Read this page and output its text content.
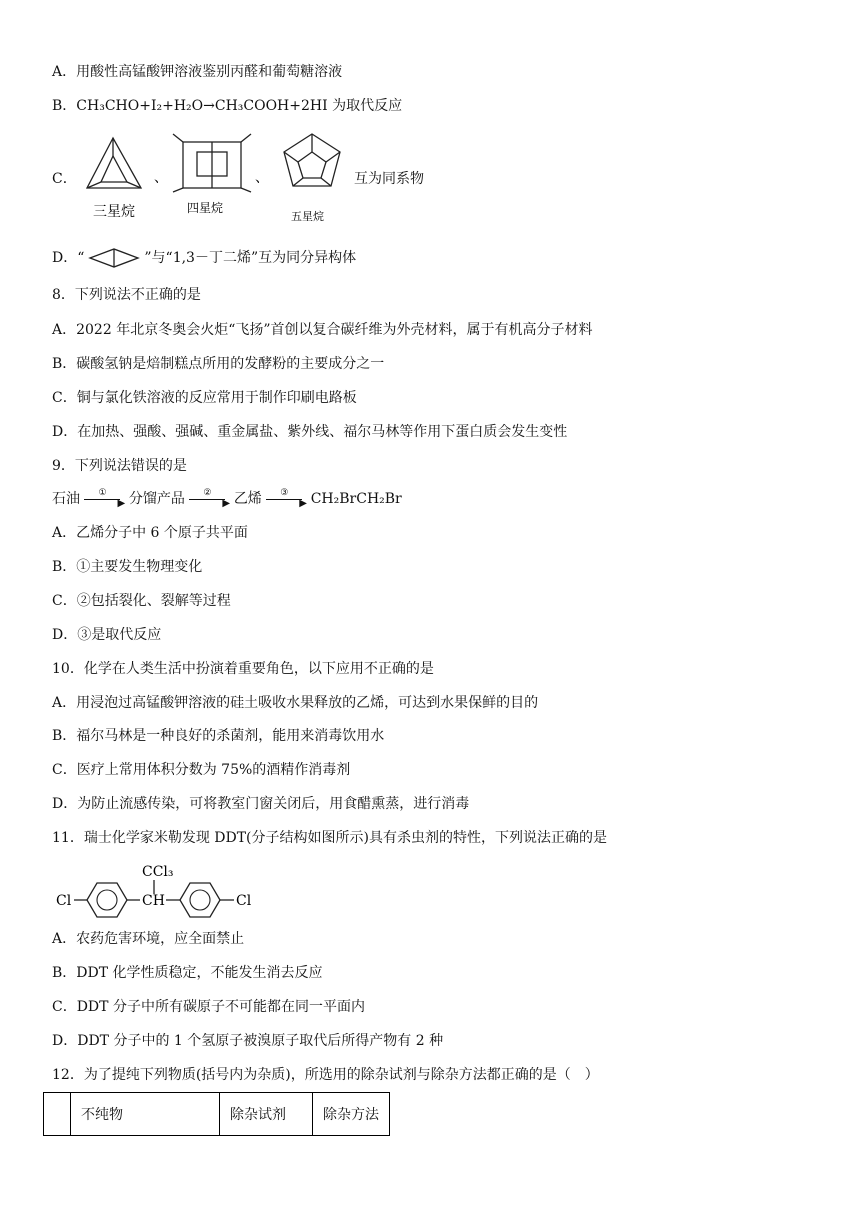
A．用酸性高锰酸钾溶液鉴别丙醛和葡萄糖溶液
B．CH₃CHO+I₂+H₂O→CH₃COOH+2HI 为取代反应
C．
三星烷
、
四星烷
、
五星烷
互为同系物
D．“	”与“1,3－丁二烯”互为同分异构体
8．下列说法不正确的是
A．2022 年北京冬奥会火炬“飞扬”首创以复合碳纤维为外壳材料，属于有机高分子材料
B．碳酸氢钠是焙制糕点所用的发酵粉的主要成分之一
C．铜与氯化铁溶液的反应常用于制作印刷电路板
D．在加热、强酸、强碱、重金属盐、紫外线、福尔马林等作用下蛋白质会发生变性
9．下列说法错误的是
石油 ①
▶ 分馏产品 ②
▶ 乙烯 ③
▶ CH₂BrCH₂Br
A．乙烯分子中 6 个原子共平面
B．①主要发生物理变化
C．②包括裂化、裂解等过程
D．③是取代反应
10．化学在人类生活中扮演着重要角色，以下应用不正确的是
A．用浸泡过高锰酸钾溶液的硅土吸收水果释放的乙烯，可达到水果保鲜的目的
B．福尔马林是一种良好的杀菌剂，能用来消毒饮用水
C．医疗上常用体积分数为 75%的酒精作消毒剂
D．为防止流感传染，可将教室门窗关闭后，用食醋熏蒸，进行消毒
11．瑞士化学家米勒发现 DDT(分子结构如图所示)具有杀虫剂的特性，下列说法正确的是
CCl₃
Cl	CH	Cl
A．农药危害环境，应全面禁止
B．DDT 化学性质稳定，不能发生消去反应
C．DDT 分子中所有碳原子不可能都在同一平面内
D．DDT 分子中的 1 个氢原子被溴原子取代后所得产物有 2 种
12．为了提纯下列物质(括号内为杂质)，所选用的除杂试剂与除杂方法都正确的是（　）
	不纯物	除杂试剂	除杂方法
